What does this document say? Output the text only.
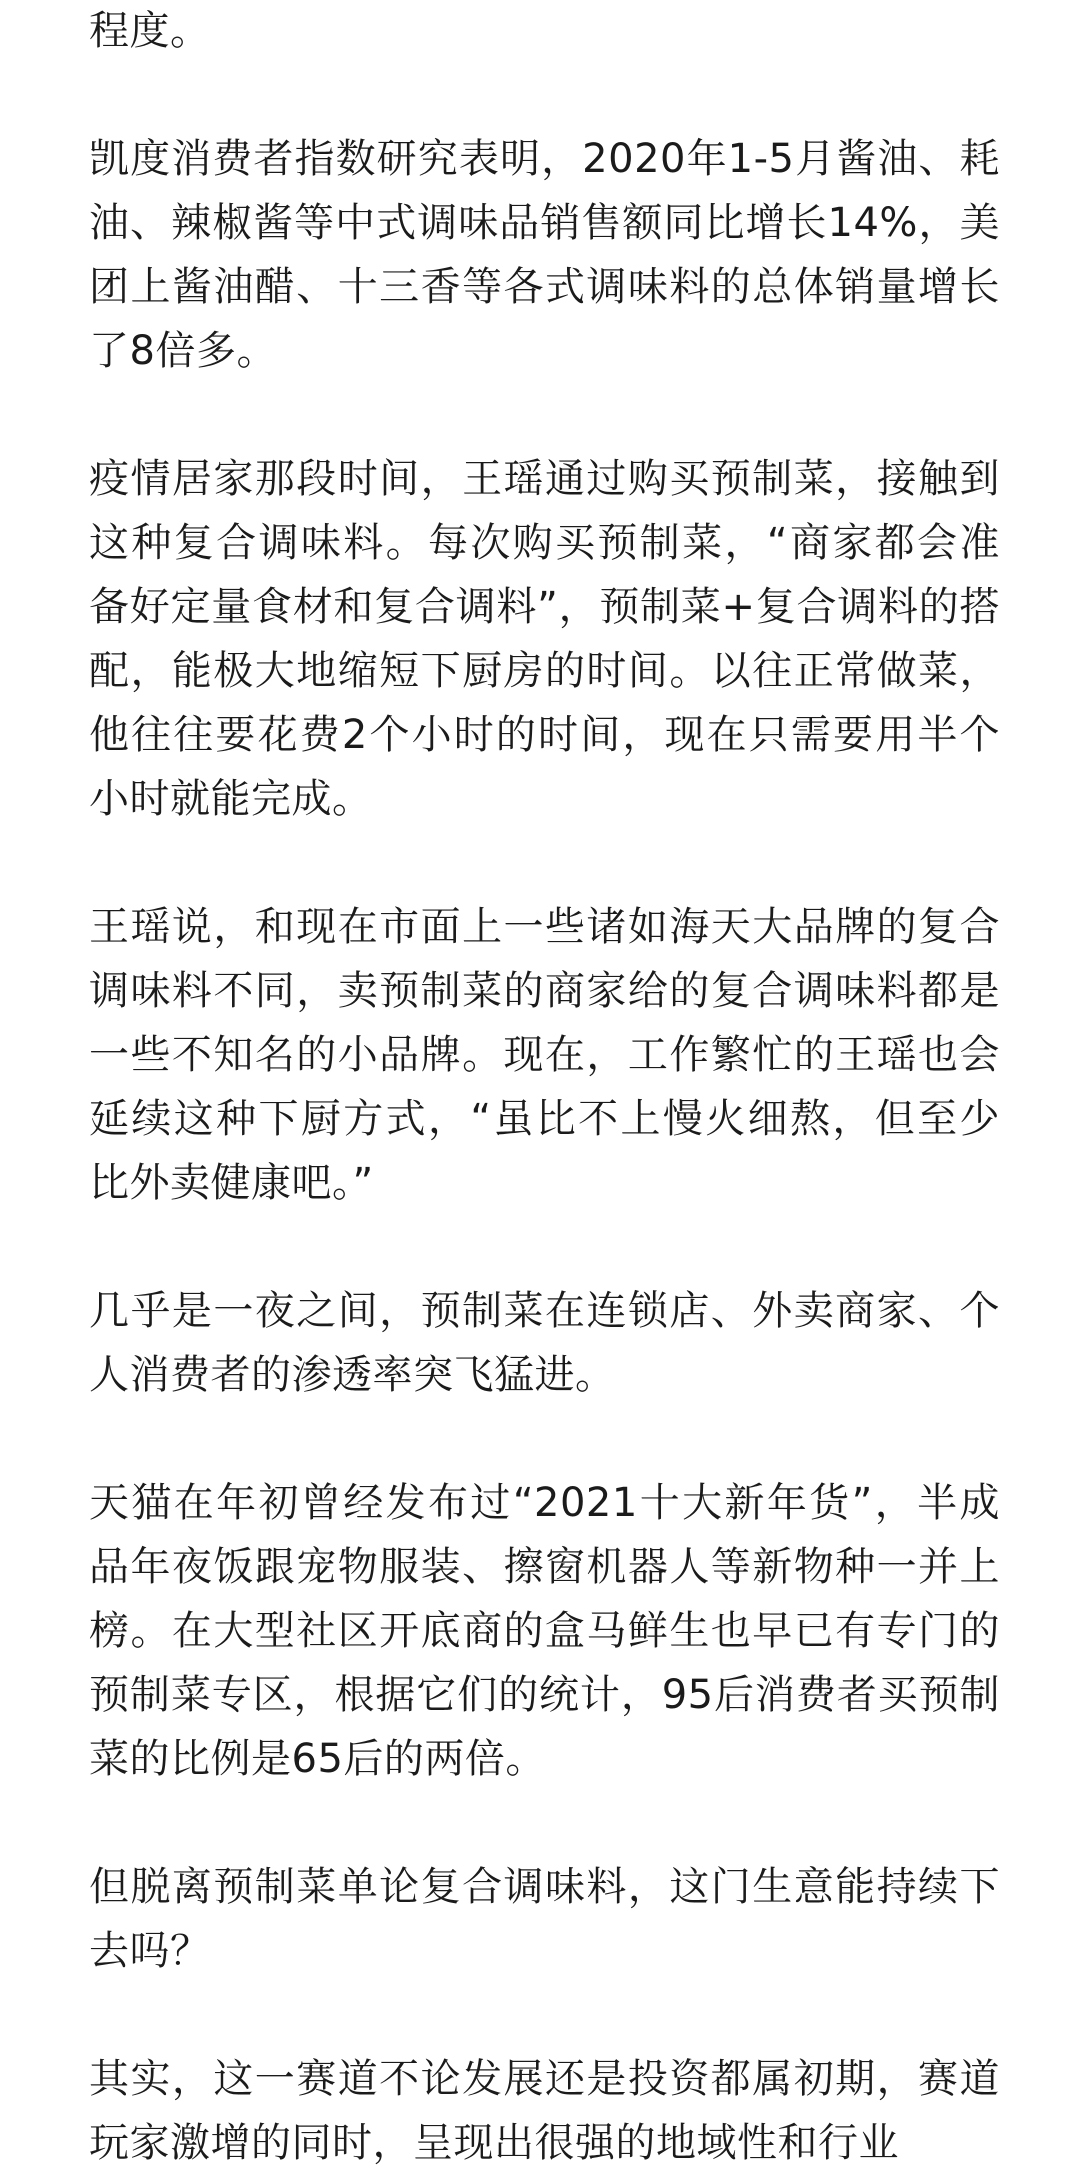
程度。

凯度消费者指数研究表明，2020年1-5月酱油、耗油、辣椒酱等中式调味品销售额同比增长14%，美团上酱油醋、十三香等各式调味料的总体销量增长了8倍多。

疫情居家那段时间，王瑶通过购买预制菜，接触到这种复合调味料。每次购买预制菜，“商家都会准备好定量食材和复合调料”，预制菜+复合调料的搭配，能极大地缩短下厨房的时间。以往正常做菜，他往往要花费2个小时的时间，现在只需要用半个小时就能完成。

王瑶说，和现在市面上一些诸如海天大品牌的复合调味料不同，卖预制菜的商家给的复合调味料都是一些不知名的小品牌。现在，工作繁忙的王瑶也会延续这种下厨方式，“虽比不上慢火细熬，但至少比外卖健康吧。”

几乎是一夜之间，预制菜在连锁店、外卖商家、个人消费者的渗透率突飞猛进。

天猫在年初曾经发布过“2021十大新年货”，半成品年夜饭跟宠物服装、擦窗机器人等新物种一并上榜。在大型社区开底商的盒马鲜生也早已有专门的预制菜专区，根据它们的统计，95后消费者买预制菜的比例是65后的两倍。

但脱离预制菜单论复合调味料，这门生意能持续下去吗？

其实，这一赛道不论发展还是投资都属初期，赛道玩家激增的同时，呈现出很强的地域性和行业
